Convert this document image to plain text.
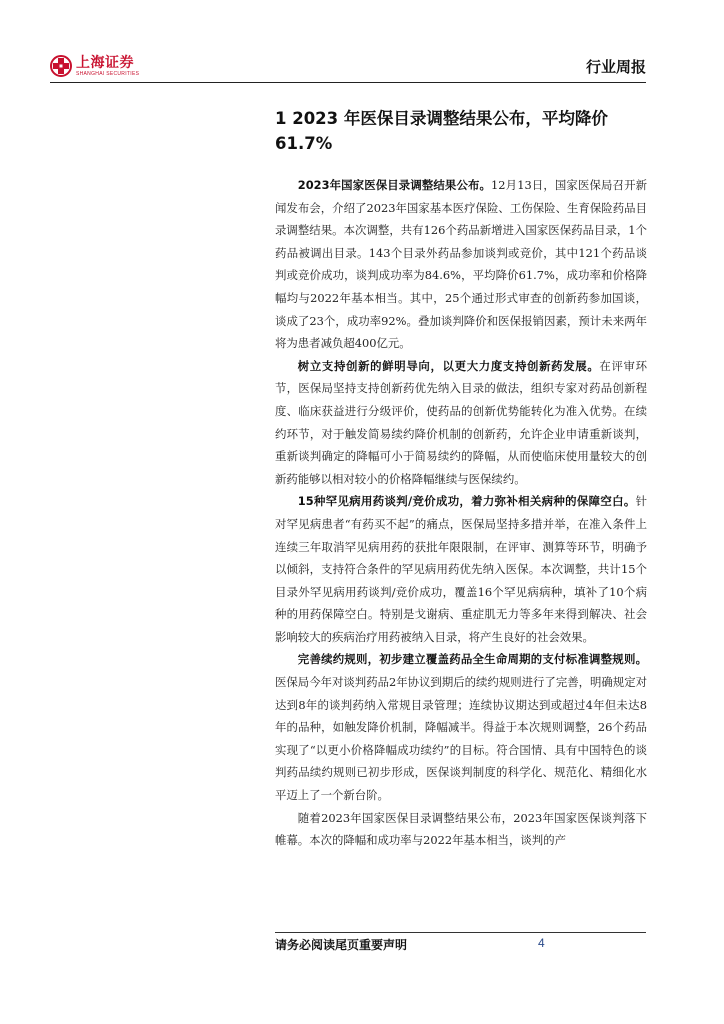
上海证券
SHANGHAI SECURITIES	行业周报
1 2023 年医保目录调整结果公布，平均降价 61.7%

2023年国家医保目录调整结果公布。12月13日，国家医保局召开新闻发布会，介绍了2023年国家基本医疗保险、工伤保险、生育保险药品目录调整结果。本次调整，共有126个药品新增进入国家医保药品目录，1个药品被调出目录。143个目录外药品参加谈判或竞价，其中121个药品谈判或竞价成功，谈判成功率为84.6%，平均降价61.7%，成功率和价格降幅均与2022年基本相当。其中，25个通过形式审查的创新药参加国谈，谈成了23个，成功率92%。叠加谈判降价和医保报销因素，预计未来两年将为患者减负超400亿元。

树立支持创新的鲜明导向，以更大力度支持创新药发展。在评审环节，医保局坚持支持创新药优先纳入目录的做法，组织专家对药品创新程度、临床获益进行分级评价，使药品的创新优势能转化为准入优势。在续约环节，对于触发简易续约降价机制的创新药，允许企业申请重新谈判，重新谈判确定的降幅可小于简易续约的降幅，从而使临床使用量较大的创新药能够以相对较小的价格降幅继续与医保续约。

15种罕见病用药谈判/竞价成功，着力弥补相关病种的保障空白。针对罕见病患者“有药买不起”的痛点，医保局坚持多措并举，在准入条件上连续三年取消罕见病用药的获批年限限制，在评审、测算等环节，明确予以倾斜，支持符合条件的罕见病用药优先纳入医保。本次调整，共计15个目录外罕见病用药谈判/竞价成功，覆盖16个罕见病病种，填补了10个病种的用药保障空白。特别是戈谢病、重症肌无力等多年来得到解决、社会影响较大的疾病治疗用药被纳入目录，将产生良好的社会效果。

完善续约规则，初步建立覆盖药品全生命周期的支付标准调整规则。医保局今年对谈判药品2年协议到期后的续约规则进行了完善，明确规定对达到8年的谈判药纳入常规目录管理；连续协议期达到或超过4年但未达8年的品种，如触发降价机制，降幅减半。得益于本次规则调整，26个药品实现了“以更小价格降幅成功续约”的目标。符合国情、具有中国特色的谈判药品续约规则已初步形成，医保谈判制度的科学化、规范化、精细化水平迈上了一个新台阶。

随着2023年国家医保目录调整结果公布，2023年国家医保谈判落下帷幕。本次的降幅和成功率与2022年基本相当，谈判的产

请务必阅读尾页重要声明	4
